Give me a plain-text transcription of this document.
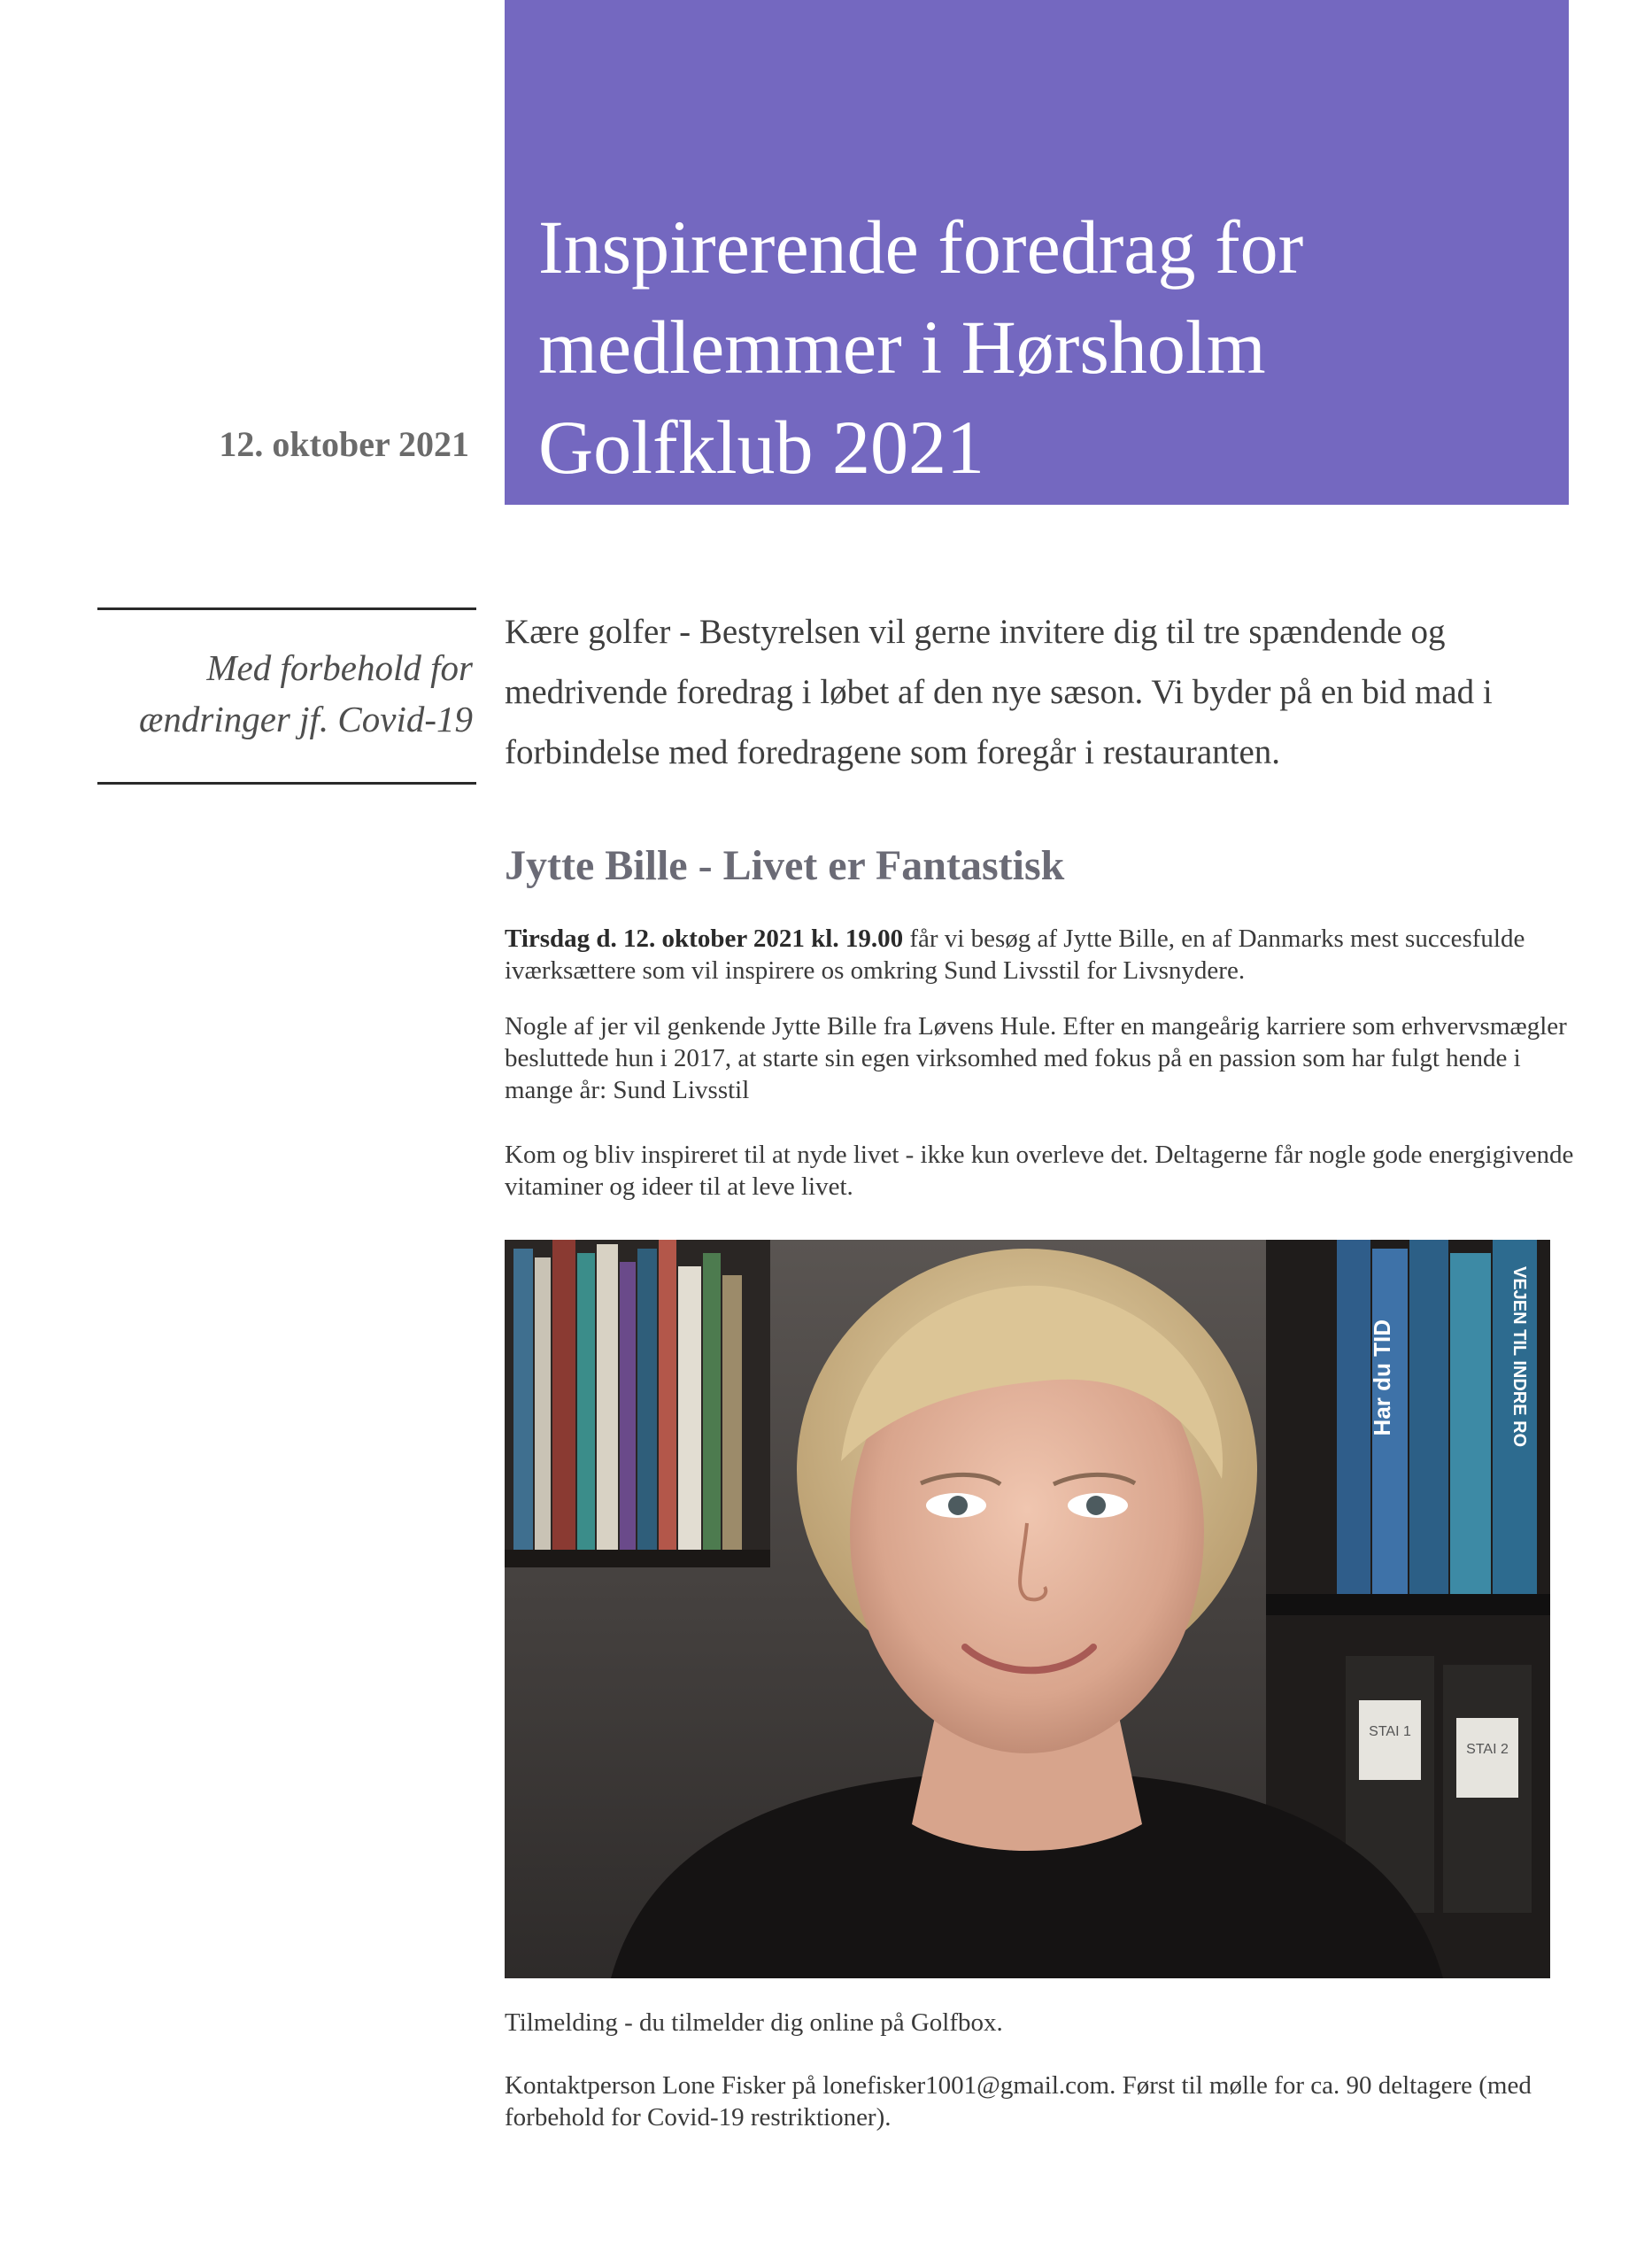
Inspirerende foredrag for medlemmer i Hørsholm Golfklub 2021
12. oktober 2021
Med forbehold for
ændringer jf. Covid-19

Kære golfer - Bestyrelsen vil gerne invitere dig til tre spændende og medrivende foredrag i løbet af den nye sæson. Vi byder på en bid mad i forbindelse med foredragene som foregår i restauranten.

Jytte Bille - Livet er Fantastisk

Tirsdag d. 12. oktober 2021 kl. 19.00 får vi besøg af Jytte Bille, en af Danmarks mest succesfulde iværksættere som vil inspirere os omkring Sund Livsstil for Livsnydere.

Nogle af jer vil genkende Jytte Bille fra Løvens Hule. Efter en mangeårig karriere som erhvervsmægler besluttede hun i 2017, at starte sin egen virksomhed med fokus på en passion som har fulgt hende i mange år: Sund Livsstil

Kom og bliv inspireret til at nyde livet - ikke kun overleve det. Deltagerne får nogle gode energigivende vitaminer og ideer til at leve livet.

Har du TID	VEJEN TIL INDRE RO
STAI 1
STAI 2

Tilmelding - du tilmelder dig online på Golfbox.

Kontaktperson Lone Fisker på lonefisker1001@gmail.com. Først til mølle for ca. 90 deltagere (med forbehold for Covid-19 restriktioner).
